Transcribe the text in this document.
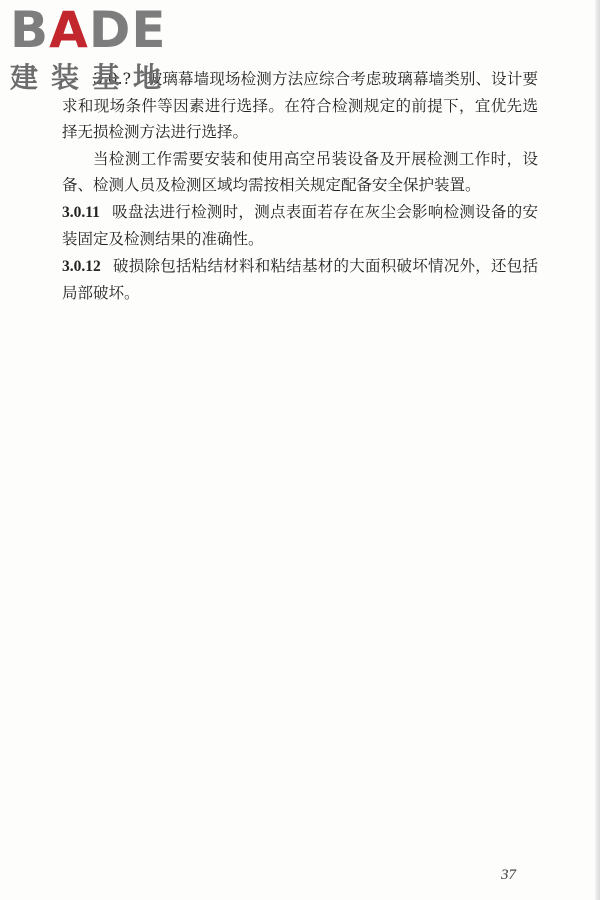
BADE
建装基地

3.0.?　玻璃幕墙现场检测方法应综合考虑玻璃幕墙类别、设计要求和现场条件等因素进行选择。在符合检测规定的前提下，宜优先选择无损检测方法进行选择。

当检测工作需要安装和使用高空吊装设备及开展检测工作时，设备、检测人员及检测区域均需按相关规定配备安全保护装置。

3.0.11 吸盘法进行检测时，测点表面若存在灰尘会影响检测设备的安装固定及检测结果的准确性。

3.0.12 破损除包括粘结材料和粘结基材的大面积破坏情况外，还包括局部破坏。

37
